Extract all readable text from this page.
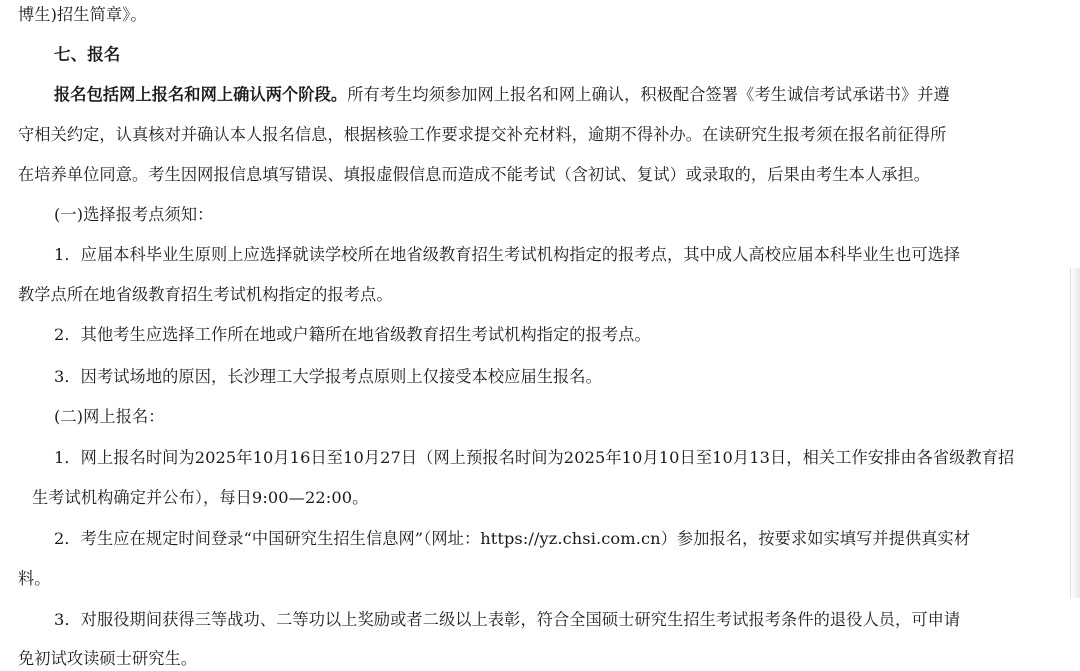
博生)招生简章》。
七、报名
报名包括网上报名和网上确认两个阶段。所有考生均须参加网上报名和网上确认，积极配合签署《考生诚信考试承诺书》并遵
守相关约定，认真核对并确认本人报名信息，根据核验工作要求提交补充材料，逾期不得补办。在读研究生报考须在报名前征得所
在培养单位同意。考生因网报信息填写错误、填报虚假信息而造成不能考试（含初试、复试）或录取的，后果由考生本人承担。
(一)选择报考点须知：
1．应届本科毕业生原则上应选择就读学校所在地省级教育招生考试机构指定的报考点，其中成人高校应届本科毕业生也可选择
教学点所在地省级教育招生考试机构指定的报考点。
2．其他考生应选择工作所在地或户籍所在地省级教育招生考试机构指定的报考点。
3．因考试场地的原因，长沙理工大学报考点原则上仅接受本校应届生报名。
(二)网上报名：
1．网上报名时间为2025年10月16日至10月27日（网上预报名时间为2025年10月10日至10月13日，相关工作安排由各省级教育招
生考试机构确定并公布），每日9:00—22:00。
2．考生应在规定时间登录“中国研究生招生信息网”（网址：https://yz.chsi.com.cn）参加报名，按要求如实填写并提供真实材
料。
3．对服役期间获得三等战功、二等功以上奖励或者二级以上表彰，符合全国硕士研究生招生考试报考条件的退役人员，可申请
免初试攻读硕士研究生。
